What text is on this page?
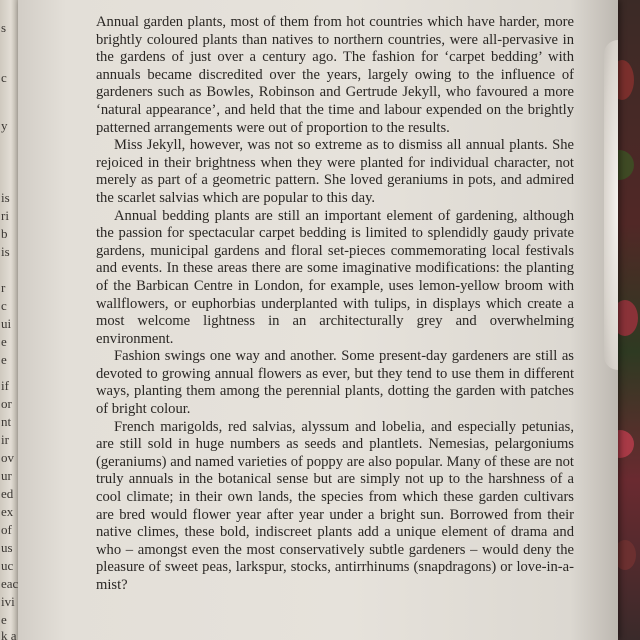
s
c
y
is
ri
b
is
r
c
ui
e
e
if
or
nt
ir
ov
ur
ed
ex
of
us
uc
eac
ivi
e
k a

Annual garden plants, most of them from hot countries which have harder, more brightly coloured plants than natives to northern countries, were all-pervasive in the gardens of just over a century ago. The fashion for ‘carpet bedding’ with annuals became discredited over the years, largely owing to the influence of gardeners such as Bowles, Robinson and Gertrude Jekyll, who favoured a more ‘natural appearance’, and held that the time and labour expended on the brightly patterned arrangements were out of proportion to the results.

Miss Jekyll, however, was not so extreme as to dismiss all annual plants. She rejoiced in their brightness when they were planted for individual character, not merely as part of a geometric pattern. She loved geraniums in pots, and admired the scarlet salvias which are popular to this day.

Annual bedding plants are still an important element of gardening, although the passion for spectacular carpet bedding is limited to splendidly gaudy private gardens, municipal gardens and floral set-pieces commemorating local festivals and events. In these areas there are some imaginative modifications: the planting of the Barbican Centre in London, for example, uses lemon-yellow broom with wallflowers, or euphorbias underplanted with tulips, in displays which create a most welcome lightness in an architecturally grey and overwhelming environment.

Fashion swings one way and another. Some present-day gardeners are still as devoted to growing annual flowers as ever, but they tend to use them in different ways, planting them among the perennial plants, dotting the garden with patches of bright colour.

French marigolds, red salvias, alyssum and lobelia, and especially petunias, are still sold in huge numbers as seeds and plantlets. Nemesias, pelargoniums (geraniums) and named varieties of poppy are also popular. Many of these are not truly annuals in the botanical sense but are simply not up to the harshness of a cool climate; in their own lands, the species from which these garden cultivars are bred would flower year after year under a bright sun. Borrowed from their native climes, these bold, indiscreet plants add a unique element of drama and who – amongst even the most conservatively subtle gardeners – would deny the pleasure of sweet peas, larkspur, stocks, antirrhinums (snapdragons) or love-in-a-mist?
